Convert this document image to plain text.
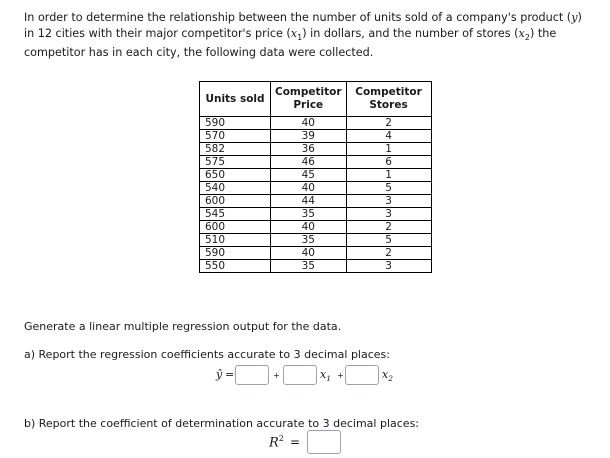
In order to determine the relationship between the number of units sold of a company's product (y) in 12 cities with their major competitor's price $(x_1)$ in dollars, and the number of stores $(x_2)$ the competitor has in each city, the following data were collected.
Units sold	Competitor Price	Competitor Stores
590	40	2
570	39	4
582	36	1
575	46	6
650	45	1
540	40	5
600	44	3
545	35	3
600	40	2
510	35	5
590	40	2
550	35	3
Generate a linear multiple regression output for the data.
a) Report the regression coefficients accurate to 3 decimal places:
ŷ =	+	$x_1$ +	$x_2$
b) Report the coefficient of determination accurate to 3 decimal places:
$R^2$ =
